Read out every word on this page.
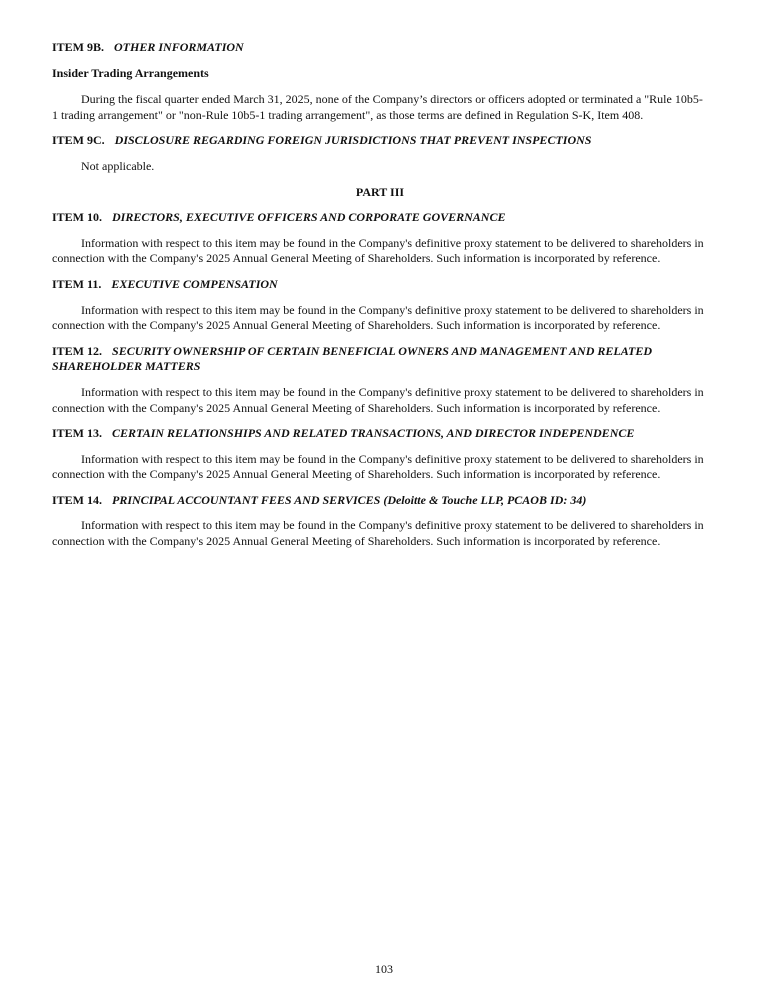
ITEM 9B. OTHER INFORMATION
Insider Trading Arrangements

During the fiscal quarter ended March 31, 2025, none of the Company’s directors or officers adopted or terminated a "Rule 10b5-1 trading arrangement" or "non-Rule 10b5-1 trading arrangement", as those terms are defined in Regulation S-K, Item 408.

ITEM 9C. DISCLOSURE REGARDING FOREIGN JURISDICTIONS THAT PREVENT INSPECTIONS

Not applicable.

PART III
ITEM 10. DIRECTORS, EXECUTIVE OFFICERS AND CORPORATE GOVERNANCE

Information with respect to this item may be found in the Company's definitive proxy statement to be delivered to shareholders in connection with the Company's 2025 Annual General Meeting of Shareholders. Such information is incorporated by reference.

ITEM 11. EXECUTIVE COMPENSATION

Information with respect to this item may be found in the Company's definitive proxy statement to be delivered to shareholders in connection with the Company's 2025 Annual General Meeting of Shareholders. Such information is incorporated by reference.

ITEM 12. SECURITY OWNERSHIP OF CERTAIN BENEFICIAL OWNERS AND MANAGEMENT AND RELATED SHAREHOLDER MATTERS

Information with respect to this item may be found in the Company's definitive proxy statement to be delivered to shareholders in connection with the Company's 2025 Annual General Meeting of Shareholders. Such information is incorporated by reference.

ITEM 13. CERTAIN RELATIONSHIPS AND RELATED TRANSACTIONS, AND DIRECTOR INDEPENDENCE

Information with respect to this item may be found in the Company's definitive proxy statement to be delivered to shareholders in connection with the Company's 2025 Annual General Meeting of Shareholders. Such information is incorporated by reference.

ITEM 14. PRINCIPAL ACCOUNTANT FEES AND SERVICES (Deloitte & Touche LLP, PCAOB ID: 34)

Information with respect to this item may be found in the Company's definitive proxy statement to be delivered to shareholders in connection with the Company's 2025 Annual General Meeting of Shareholders. Such information is incorporated by reference.

103
